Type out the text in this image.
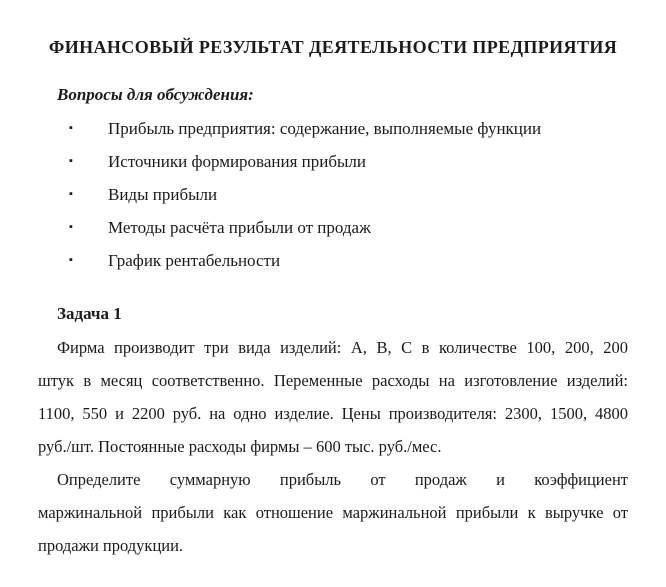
ФИНАНСОВЫЙ РЕЗУЛЬТАТ ДЕЯТЕЛЬНОСТИ ПРЕДПРИЯТИЯ

Вопросы для обсуждения:

▪ Прибыль предприятия: содержание, выполняемые функции
▪ Источники формирования прибыли
▪ Виды прибыли
▪ Методы расчёта прибыли от продаж
▪ График рентабельности
Задача 1
Фирма производит три вида изделий: А, В, С в количестве 100, 200, 200
штук в месяц соответственно. Переменные расходы на изготовление изделий:
1100, 550 и 2200 руб. на одно изделие. Цены производителя: 2300, 1500, 4800
руб./шт. Постоянные расходы фирмы – 600 тыс. руб./мес.
Определите суммарную прибыль от продаж и коэффициент
маржинальной прибыли как отношение маржинальной прибыли к выручке от
продажи продукции.
